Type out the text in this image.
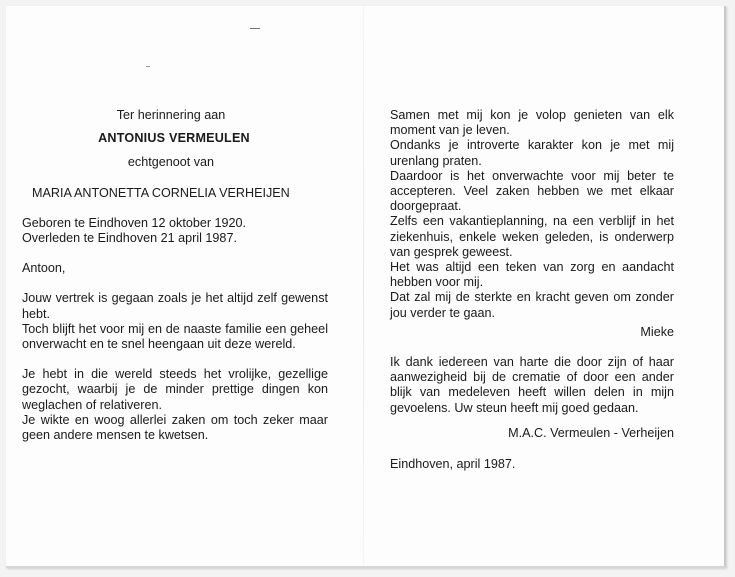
Ter herinnering aan

ANTONIUS VERMEULEN

echtgenoot van

MARIA ANTONETTA CORNELIA VERHEIJEN

Geboren te Eindhoven 12 oktober 1920.

Overleden te Eindhoven 21 april 1987.

Antoon,

Jouw vertrek is gegaan zoals je het altijd zelf gewenst hebt.

Toch blijft het voor mij en de naaste familie een geheel onverwacht en te snel heengaan uit deze wereld.

Je hebt in die wereld steeds het vrolijke, gezellige gezocht, waarbij je de minder prettige dingen kon weglachen of relativeren.

Je wikte en woog allerlei zaken om toch zeker maar geen andere mensen te kwetsen.

Samen met mij kon je volop genieten van elk moment van je leven.

Ondanks je introverte karakter kon je met mij urenlang praten.

Daardoor is het onverwachte voor mij beter te accepteren. Veel zaken hebben we met elkaar doorgepraat.

Zelfs een vakantieplanning, na een verblijf in het ziekenhuis, enkele weken geleden, is onderwerp van gesprek geweest.

Het was altijd een teken van zorg en aandacht hebben voor mij.

Dat zal mij de sterkte en kracht geven om zonder jou verder te gaan.

Mieke

Ik dank iedereen van harte die door zijn of haar aanwezigheid bij de crematie of door een ander blijk van medeleven heeft willen delen in mijn gevoelens. Uw steun heeft mij goed gedaan.

M.A.C. Vermeulen - Verheijen

Eindhoven, april 1987.
